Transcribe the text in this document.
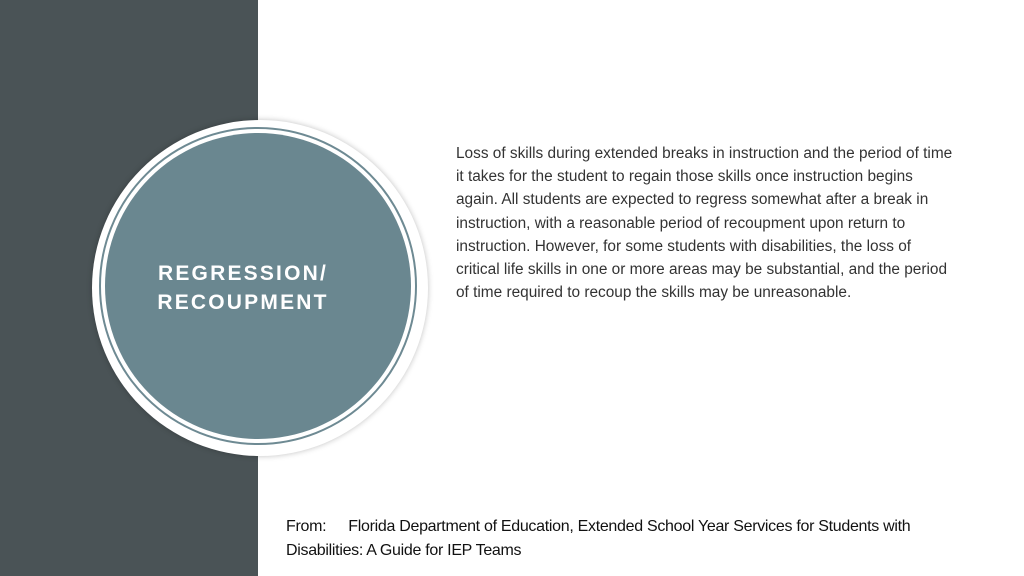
REGRESSION/
RECOUPMENT

Loss of skills during extended breaks in instruction and the period of time it takes for the student to regain those skills once instruction begins again. All students are expected to regress somewhat after a break in instruction, with a reasonable period of recoupment upon return to instruction. However, for some students with disabilities, the loss of critical life skills in one or more areas may be substantial, and the period of time required to recoup the skills may be unreasonable.

From: Florida Department of Education, Extended School Year Services for Students with Disabilities: A Guide for IEP Teams
